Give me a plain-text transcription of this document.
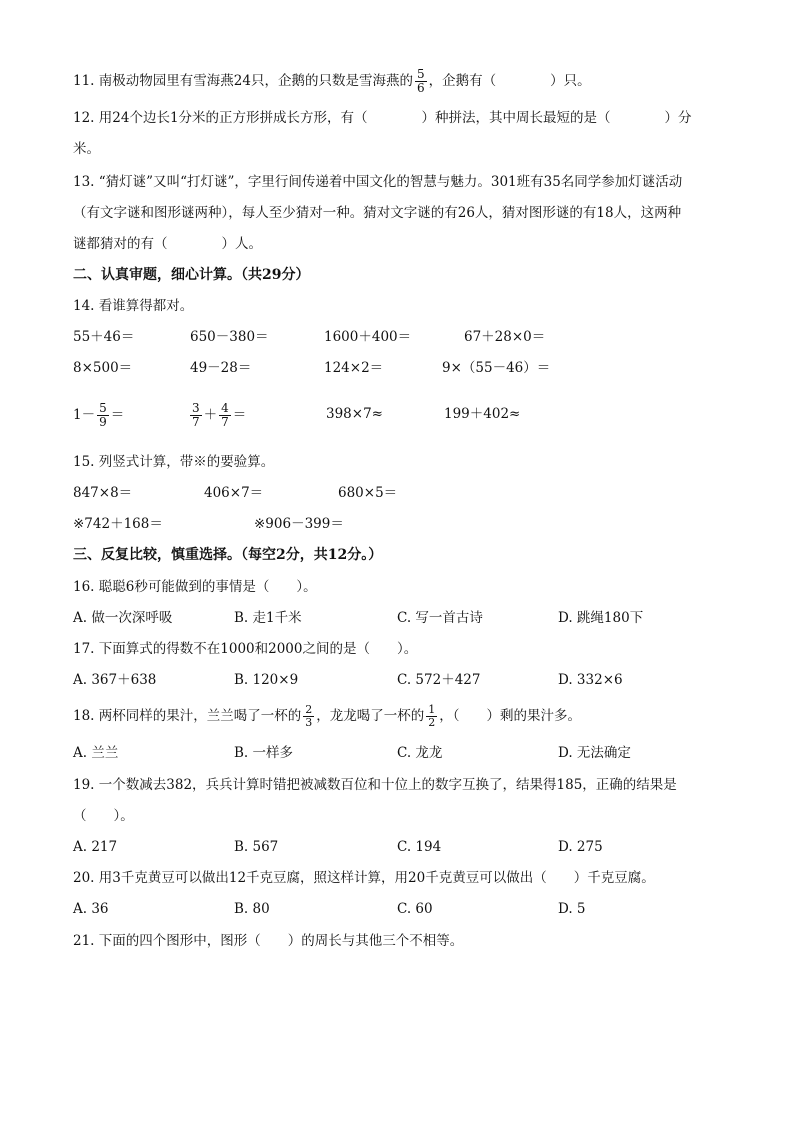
11. 南极动物园里有雪海燕24只，企鹅的只数是雪海燕的 $\frac{5}{6}$ ，企鹅有（　　　　）只。
12. 用24个边长1分米的正方形拼成长方形，有（　　　　）种拼法，其中周长最短的是（　　　　）分
米。
13. “猜灯谜”又叫“打灯谜”，字里行间传递着中国文化的智慧与魅力。301班有35名同学参加灯谜活动
（有文字谜和图形谜两种），每人至少猜对一种。猜对文字谜的有26人，猜对图形谜的有18人，这两种
谜都猜对的有（　　　　）人。
二、认真审题，细心计算。（共29分）
14. 看谁算得都对。
55＋46＝	650－380＝	1600＋400＝	67＋28×0＝
8×500＝	49－28＝	124×2＝	9×（55－46）＝
$1- \frac{5}{9}$ ＝	$\frac{3}{7} + \frac{4}{7}$ ＝	398×7≈	199＋402≈
15. 列竖式计算，带※的要验算。
847×8＝	406×7＝	680×5＝
※742＋168＝	※906－399＝
三、反复比较，慎重选择。（每空2分，共12分。）
16. 聪聪6秒可能做到的事情是（　　）。
A. 做一次深呼吸	B. 走1千米	C. 写一首古诗	D. 跳绳180下
17. 下面算式的得数不在1000和2000之间的是（　　）。
A. 367＋638	B. 120×9	C. 572＋427	D. 332×6
18. 两杯同样的果汁，兰兰喝了一杯的 $\frac{2}{3}$ ，龙龙喝了一杯的 $\frac{1}{2}$ ，（　　）剩的果汁多。
A. 兰兰	B. 一样多	C. 龙龙	D. 无法确定
19. 一个数减去382，兵兵计算时错把被减数百位和十位上的数字互换了，结果得185，正确的结果是
（　　）。
A. 217	B. 567	C. 194	D. 275
20. 用3千克黄豆可以做出12千克豆腐，照这样计算，用20千克黄豆可以做出（　　）千克豆腐。
A. 36	B. 80	C. 60	D. 5
21. 下面的四个图形中，图形（　　）的周长与其他三个不相等。
